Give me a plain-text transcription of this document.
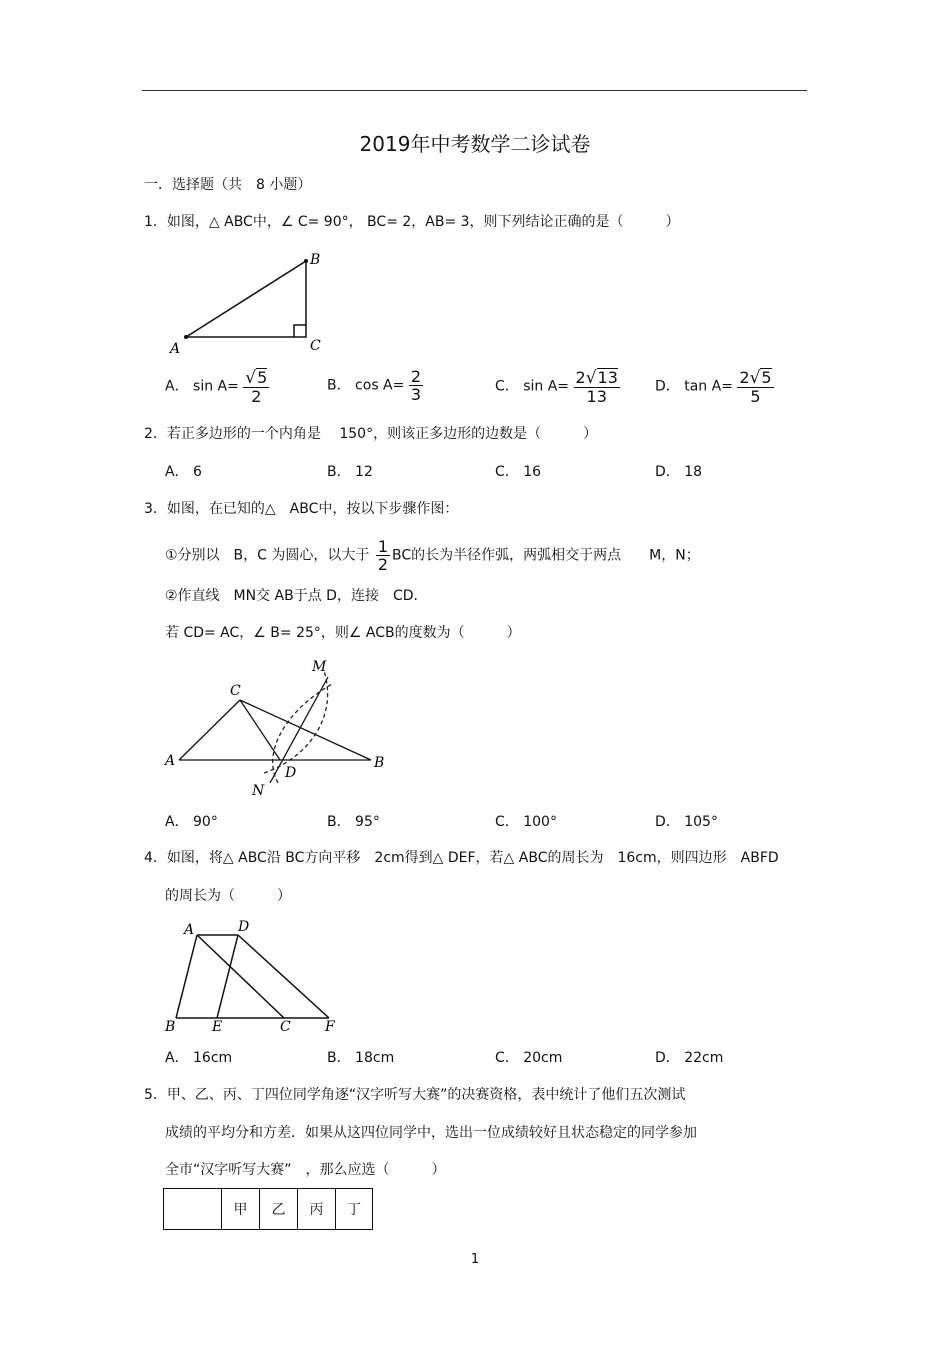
2019年中考数学二诊试卷
一．选择题（共　8 小题）
1．如图，△ ABC中，∠ C= 90°， BC= 2，AB= 3，则下列结论正确的是（　　　）
A
B
C
A． $\sin A= \frac{√5}{2}$	B． $\cos A= \frac{2}{3}$	C． $\sin A= \frac{2√13}{13}$	D． $\tan A= \frac{2√5}{5}$
2．若正多边形的一个内角是　 150°，则该正多边形的边数是（　　　）
A． 6	B． 12	C． 16	D． 18
3．如图，在已知的△　ABC中，按以下步骤作图：
①分别以　B，C 为圆心，以大于 $\frac{1}{2}$ BC的长为半径作弧，两弧相交于两点　　M，N；
②作直线　MN交 AB于点 D，连接　CD．
若 CD= AC，∠ B= 25°，则∠ ACB的度数为（　　　）
A	B
C
D
M
N
A． 90°	B． 95°	C． 100°	D． 105°
4．如图，将△ ABC沿 BC方向平移　2cm得到△ DEF，若△ ABC的周长为　16cm，则四边形　ABFD
的周长为（　　　）
A	D
B	E	C F
A． 16cm	B． 18cm	C． 20cm	D． 22cm
5．甲、乙、丙、丁四位同学角逐“汉字听写大赛”的决赛资格，表中统计了他们五次测试
成绩的平均分和方差．如果从这四位同学中，选出一位成绩较好且状态稳定的同学参加
全市“汉字听写大赛”　，那么应选（　　　）
	甲	乙	丙	丁
1
